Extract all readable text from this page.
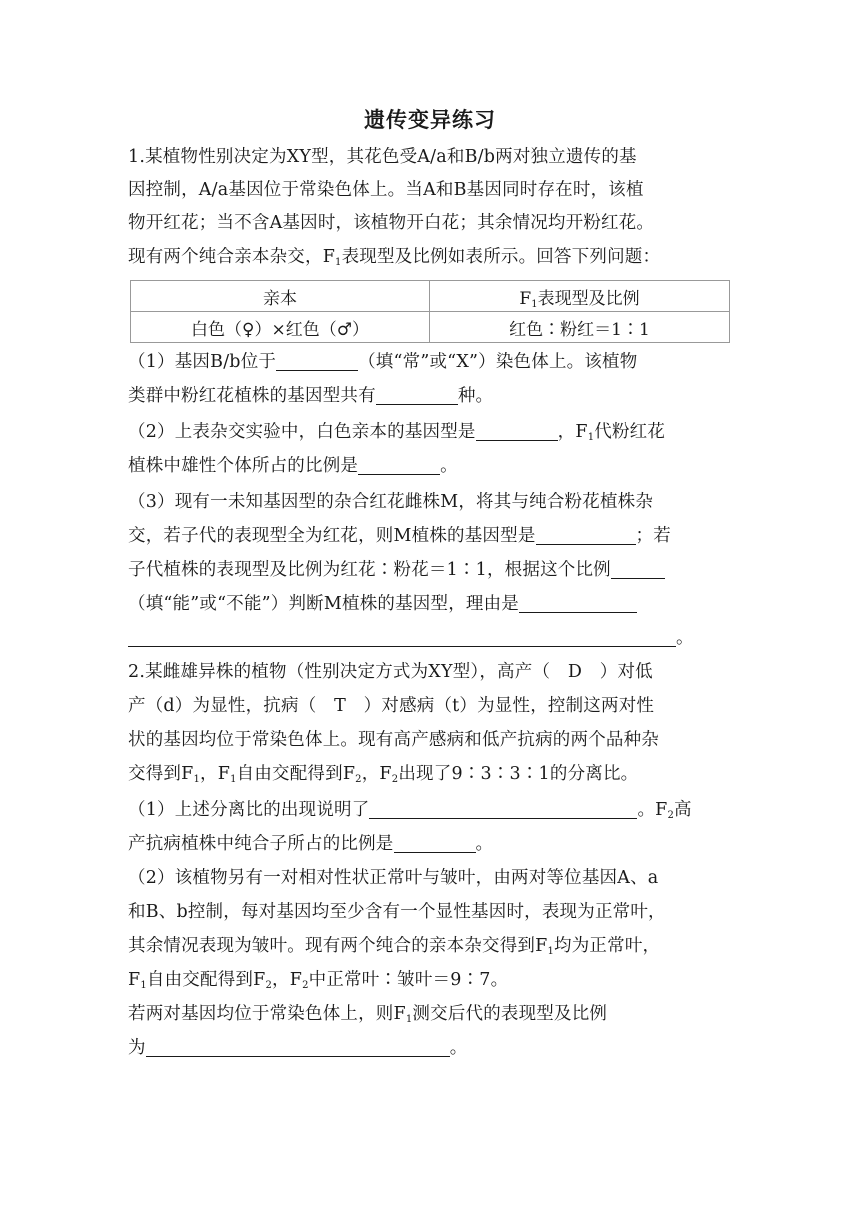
遗传变异练习
1.某植物性别决定为XY型，其花色受A/a和B/b两对独立遗传的基
因控制，A/a基因位于常染色体上。当A和B基因同时存在时，该植
物开红花；当不含A基因时，该植物开白花；其余情况均开粉红花。
现有两个纯合亲本杂交，$F_1$表现型及比例如表所示。回答下列问题：
亲本	$F_1$表现型及比例
白色（♀）×红色（♂）	红色∶粉红＝1∶1
（1）基因B/b位于	（填“常”或“X”）染色体上。该植物
类群中粉红花植株的基因型共有	种。
（2）上表杂交实验中，白色亲本的基因型是	，$F_1$代粉红花
植株中雄性个体所占的比例是	。
（3）现有一未知基因型的杂合红花雌株M，将其与纯合粉花植株杂
交，若子代的表现型全为红花，则M植株的基因型是	；若
子代植株的表现型及比例为红花∶粉花＝1∶1，根据这个比例
（填“能”或“不能”）判断M植株的基因型，理由是
。
2.某雌雄异株的植物（性别决定方式为XY型），高产（　D　）对低
产（d）为显性，抗病（　T　）对感病（t）为显性，控制这两对性
状的基因均位于常染色体上。现有高产感病和低产抗病的两个品种杂
交得到$F_1$，$F_1$自由交配得到$F_2$，$F_2$出现了9∶3∶3∶1的分离比。
（1）上述分离比的出现说明了	。$F_2$高
产抗病植株中纯合子所占的比例是	。
（2）该植物另有一对相对性状正常叶与皱叶，由两对等位基因A、a
和B、b控制，每对基因均至少含有一个显性基因时，表现为正常叶，
其余情况表现为皱叶。现有两个纯合的亲本杂交得到$F_1$均为正常叶，
$F_1$自由交配得到$F_2$，$F_2$中正常叶∶皱叶＝9∶7。
若两对基因均位于常染色体上，则$F_1$测交后代的表现型及比例
为	。
